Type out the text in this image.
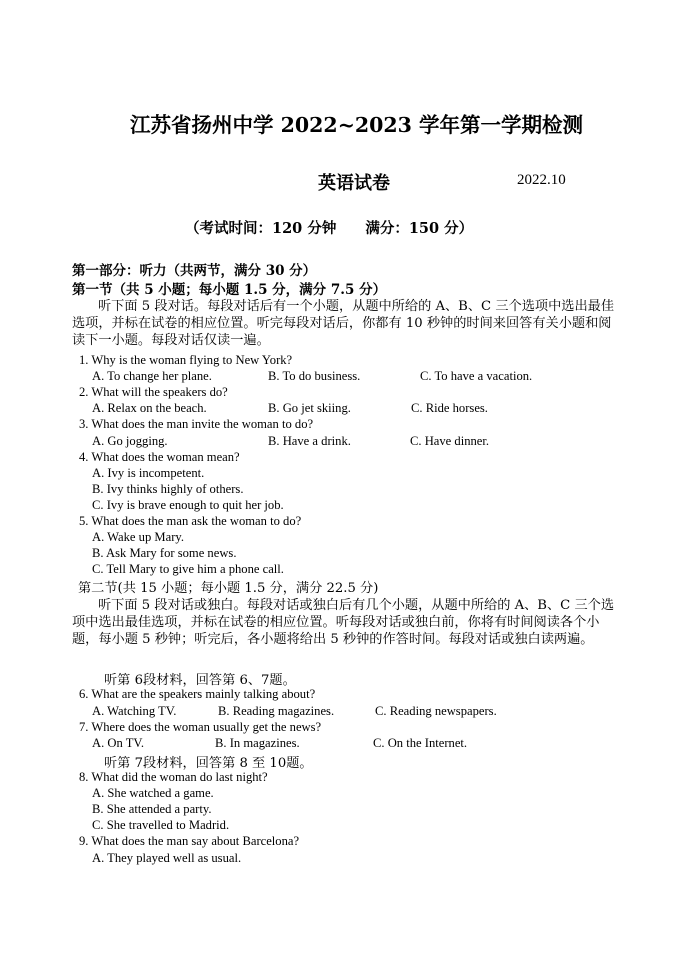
江苏省扬州中学 2022~2023 学年第一学期检测
英语试卷	2022.10
（考试时间：120 分钟　　满分：150 分）
第一部分：听力（共两节，满分 30 分）
第一节（共 5 小题；每小题 1.5 分，满分 7.5 分）
听下面 5 段对话。每段对话后有一个小题，从题中所给的 A、B、C 三个选项中选出最佳选项，并标在试卷的相应位置。听完每段对话后，你都有 10 秒钟的时间来回答有关小题和阅读下一小题。每段对话仅读一遍。
1. Why is the woman flying to New York?
A. To change her plane.	B. To do business.	C. To have a vacation.
2. What will the speakers do?
A. Relax on the beach.	B. Go jet skiing.	C. Ride horses.
3. What does the man invite the woman to do?
A. Go jogging.	B. Have a drink.	C. Have dinner.
4. What does the woman mean?
A. Ivy is incompetent.
B. Ivy thinks highly of others.
C. Ivy is brave enough to quit her job.
5. What does the man ask the woman to do?
A. Wake up Mary.
B. Ask Mary for some news.
C. Tell Mary to give him a phone call.
第二节(共 15 小题；每小题 1.5 分，满分 22.5 分)
听下面 5 段对话或独白。每段对话或独白后有几个小题，从题中所给的 A、B、C 三个选项中选出最佳选项，并标在试卷的相应位置。听每段对话或独白前，你将有时间阅读各个小题，每小题 5 秒钟；听完后，各小题将给出 5 秒钟的作答时间。每段对话或独白读两遍。
听第 6段材料，回答第 6、7题。
6. What are the speakers mainly talking about?
A. Watching TV.	B. Reading magazines.	C. Reading newspapers.
7. Where does the woman usually get the news?
A. On TV.	B. In magazines.	C. On the Internet.
听第 7段材料，回答第 8 至 10题。
8. What did the woman do last night?
A. She watched a game.
B. She attended a party.
C. She travelled to Madrid.
9. What does the man say about Barcelona?
A. They played well as usual.
